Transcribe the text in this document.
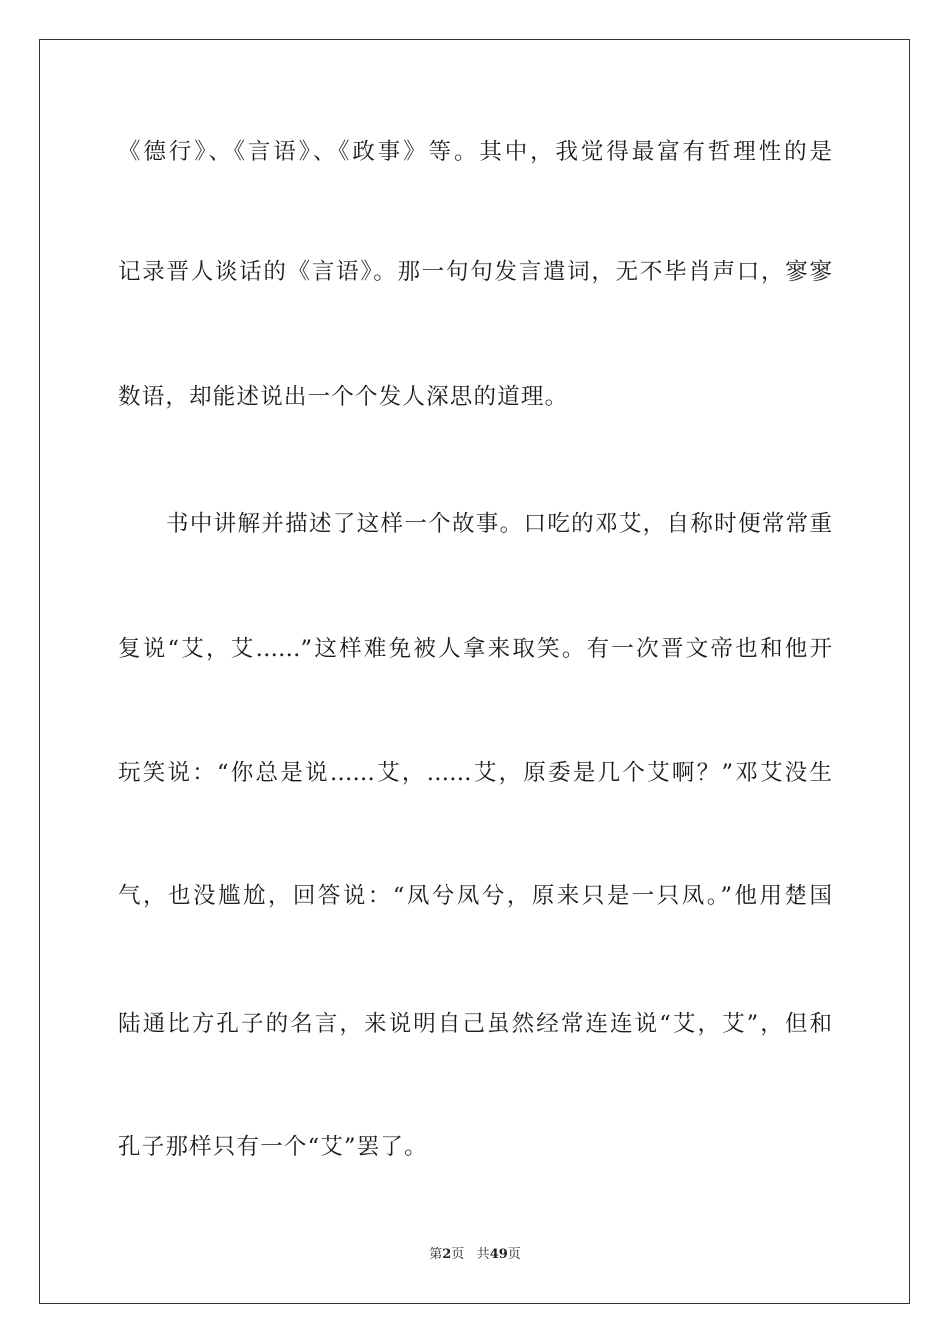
《德行》、《言语》、《政事》等。其中，我觉得最富有哲理性的是
记录晋人谈话的《言语》。那一句句发言遣词，无不毕肖声口，寥寥
数语，却能述说出一个个发人深思的道理。
书中讲解并描述了这样一个故事。口吃的邓艾，自称时便常常重
复说“艾，艾……”这样难免被人拿来取笑。有一次晋文帝也和他开
玩笑说：“你总是说……艾，……艾，原委是几个艾啊？”邓艾没生
气，也没尴尬，回答说：“凤兮凤兮，原来只是一只凤。”他用楚国
陆通比方孔子的名言，来说明自己虽然经常连连说“艾，艾”，但和
孔子那样只有一个“艾”罢了。
第2页 共49页
